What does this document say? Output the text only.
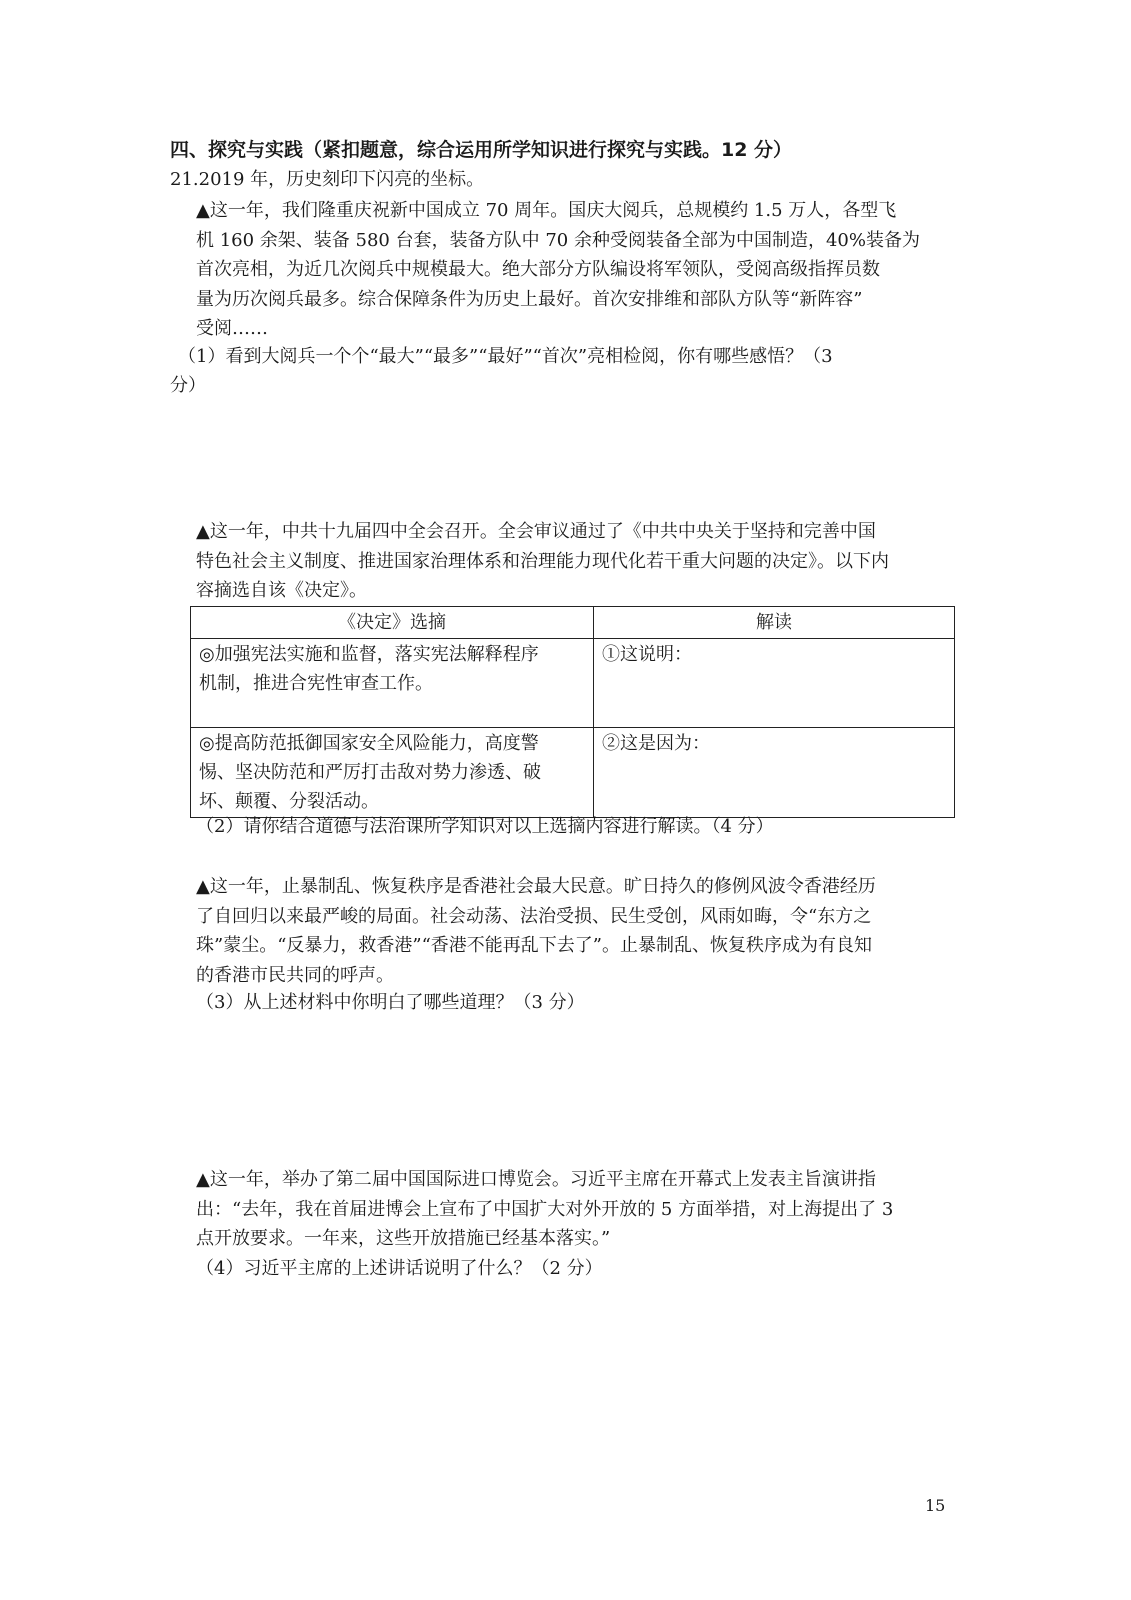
四、探究与实践（紧扣题意，综合运用所学知识进行探究与实践。12 分）
21.2019 年，历史刻印下闪亮的坐标。
▲这一年，我们隆重庆祝新中国成立 70 周年。国庆大阅兵，总规模约 1.5 万人，各型飞
机 160 余架、装备 580 台套，装备方队中 70 余种受阅装备全部为中国制造，40%装备为
首次亮相，为近几次阅兵中规模最大。绝大部分方队编设将军领队，受阅高级指挥员数
量为历次阅兵最多。综合保障条件为历史上最好。首次安排维和部队方队等“新阵容”
受阅……
（1）看到大阅兵一个个“最大”“最多”“最好”“首次”亮相检阅，你有哪些感悟？（3
分）
▲这一年，中共十九届四中全会召开。全会审议通过了《中共中央关于坚持和完善中国
特色社会主义制度、推进国家治理体系和治理能力现代化若干重大问题的决定》。以下内
容摘选自该《决定》。
《决定》选摘	解读

◎加强宪法实施和监督，落实宪法解释程序
机制，推进合宪性审查工作。	①这说明：

◎提高防范抵御国家安全风险能力，高度警
惕、坚决防范和严厉打击敌对势力渗透、破
坏、颠覆、分裂活动。	②这是因为：
（2）请你结合道德与法治课所学知识对以上选摘内容进行解读。（4 分）
▲这一年，止暴制乱、恢复秩序是香港社会最大民意。旷日持久的修例风波令香港经历
了自回归以来最严峻的局面。社会动荡、法治受损、民生受创，风雨如晦，令“东方之
珠”蒙尘。“反暴力，救香港”“香港不能再乱下去了”。止暴制乱、恢复秩序成为有良知
的香港市民共同的呼声。
（3）从上述材料中你明白了哪些道理？（3 分）
▲这一年，举办了第二届中国国际进口博览会。习近平主席在开幕式上发表主旨演讲指
出：“去年，我在首届进博会上宣布了中国扩大对外开放的 5 方面举措，对上海提出了 3
点开放要求。一年来，这些开放措施已经基本落实。”
（4）习近平主席的上述讲话说明了什么？（2 分）
15
